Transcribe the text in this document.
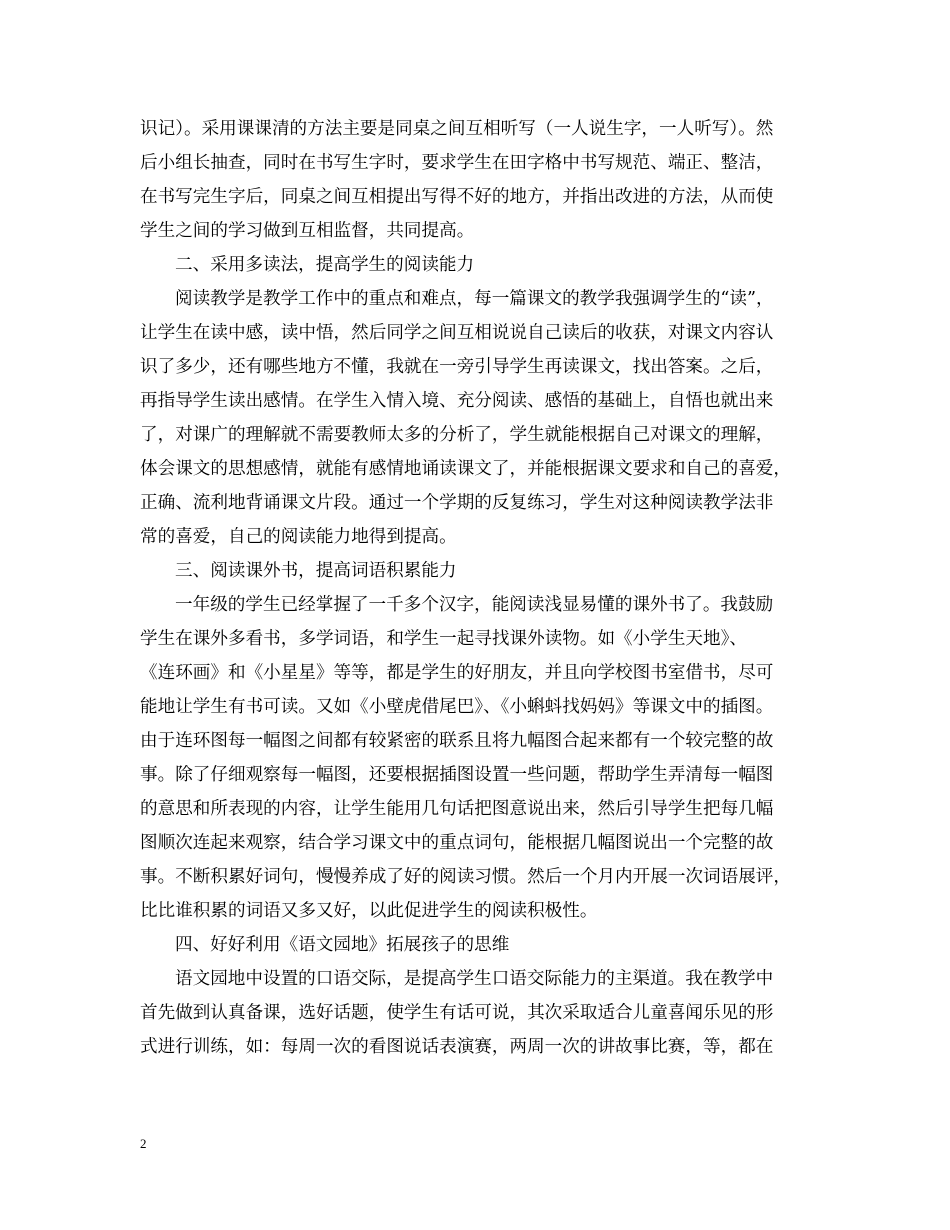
识记）。采用课课清的方法主要是同桌之间互相听写（一人说生字，一人听写）。然
后小组长抽查，同时在书写生字时，要求学生在田字格中书写规范、端正、整洁，
在书写完生字后，同桌之间互相提出写得不好的地方，并指出改进的方法，从而使
学生之间的学习做到互相监督，共同提高。
二、采用多读法，提高学生的阅读能力
阅读教学是教学工作中的重点和难点，每一篇课文的教学我强调学生的“读”，
让学生在读中感，读中悟，然后同学之间互相说说自己读后的收获，对课文内容认
识了多少，还有哪些地方不懂，我就在一旁引导学生再读课文，找出答案。之后，
再指导学生读出感情。在学生入情入境、充分阅读、感悟的基础上，自悟也就出来
了，对课广的理解就不需要教师太多的分析了，学生就能根据自己对课文的理解，
体会课文的思想感情，就能有感情地诵读课文了，并能根据课文要求和自己的喜爱，
正确、流利地背诵课文片段。通过一个学期的反复练习，学生对这种阅读教学法非
常的喜爱，自己的阅读能力地得到提高。
三、阅读课外书，提高词语积累能力
一年级的学生已经掌握了一千多个汉字，能阅读浅显易懂的课外书了。我鼓励
学生在课外多看书，多学词语，和学生一起寻找课外读物。如《小学生天地》、
《连环画》和《小星星》等等，都是学生的好朋友，并且向学校图书室借书，尽可
能地让学生有书可读。又如《小壁虎借尾巴》、《小蝌蚪找妈妈》等课文中的插图。
由于连环图每一幅图之间都有较紧密的联系且将九幅图合起来都有一个较完整的故
事。除了仔细观察每一幅图，还要根据插图设置一些问题，帮助学生弄清每一幅图
的意思和所表现的内容，让学生能用几句话把图意说出来，然后引导学生把每几幅
图顺次连起来观察，结合学习课文中的重点词句，能根据几幅图说出一个完整的故
事。不断积累好词句，慢慢养成了好的阅读习惯。然后一个月内开展一次词语展评，
比比谁积累的词语又多又好，以此促进学生的阅读积极性。
四、好好利用《语文园地》拓展孩子的思维
语文园地中设置的口语交际，是提高学生口语交际能力的主渠道。我在教学中
首先做到认真备课，选好话题，使学生有话可说，其次采取适合儿童喜闻乐见的形
式进行训练，如：每周一次的看图说话表演赛，两周一次的讲故事比赛，等，都在
2
